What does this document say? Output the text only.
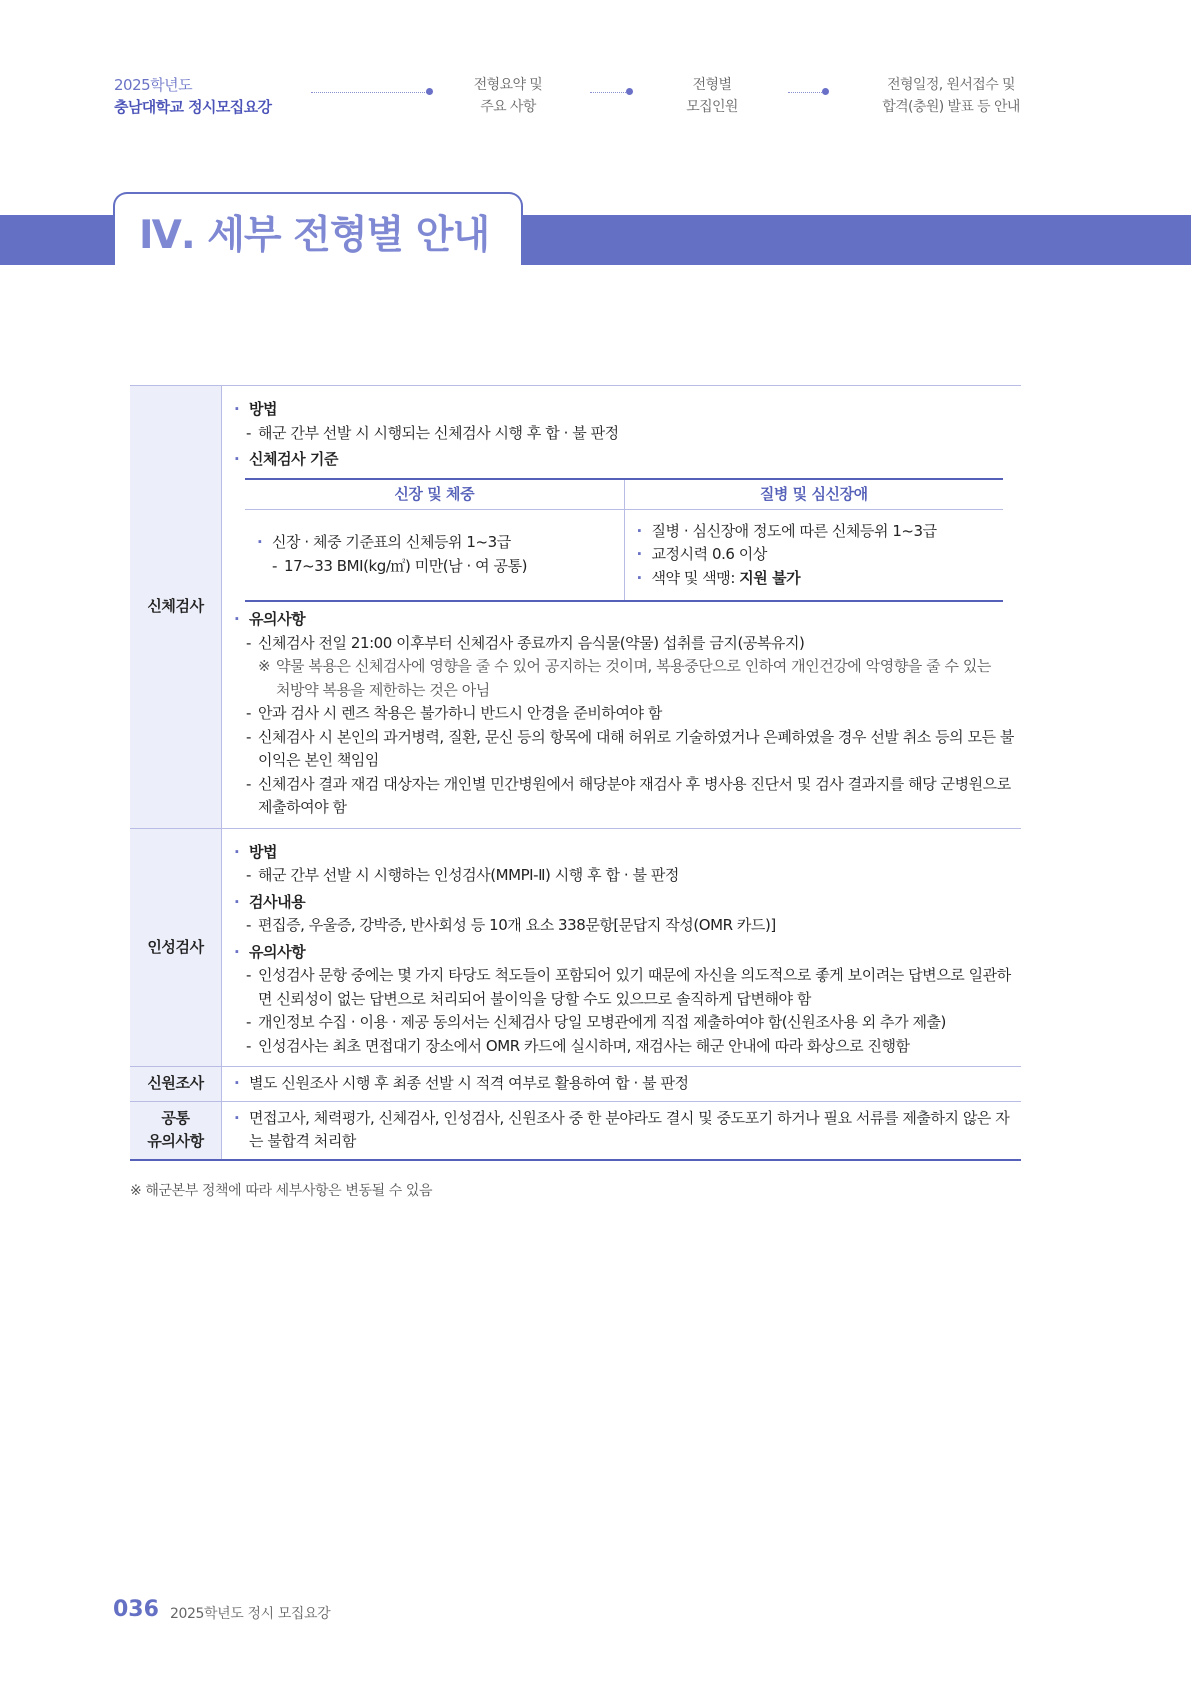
2025학년도
충남대학교 정시모집요강
전형요약 및
주요 사항
전형별
모집인원
전형일정, 원서접수 및
합격(충원) 발표 등 안내
Ⅳ. 세부 전형별 안내
신체검사
· 방법
- 해군 간부 선발 시 시행되는 신체검사 시행 후 합 · 불 판정
· 신체검사 기준
신장 및 체중	질병 및 심신장애
· 신장 · 체중 기준표의 신체등위 1~3급
- 17~33 BMI(kg/㎡) 미만(남 · 여 공통)
· 질병 · 심신장애 정도에 따른 신체등위 1~3급
· 교정시력 0.6 이상
· 색약 및 색맹: 지원 불가
· 유의사항
- 신체검사 전일 21:00 이후부터 신체검사 종료까지 음식물(약물) 섭취를 금지(공복유지)
※ 약물 복용은 신체검사에 영향을 줄 수 있어 공지하는 것이며, 복용중단으로 인하여 개인건강에 악영향을 줄 수 있는
처방약 복용을 제한하는 것은 아님
- 안과 검사 시 렌즈 착용은 불가하니 반드시 안경을 준비하여야 함
- 신체검사 시 본인의 과거병력, 질환, 문신 등의 항목에 대해 허위로 기술하였거나 은폐하였을 경우 선발 취소 등의 모든 불이익은 본인 책임임
- 신체검사 결과 재검 대상자는 개인별 민간병원에서 해당분야 재검사 후 병사용 진단서 및 검사 결과지를 해당 군병원으로 제출하여야 함
인성검사
· 방법
- 해군 간부 선발 시 시행하는 인성검사(MMPI-Ⅱ) 시행 후 합 · 불 판정
· 검사내용
- 편집증, 우울증, 강박증, 반사회성 등 10개 요소 338문항[문답지 작성(OMR 카드)]
· 유의사항
- 인성검사 문항 중에는 몇 가지 타당도 척도들이 포함되어 있기 때문에 자신을 의도적으로 좋게 보이려는 답변으로 일관하면 신뢰성이 없는 답변으로 처리되어 불이익을 당할 수도 있으므로 솔직하게 답변해야 함
- 개인정보 수집 · 이용 · 제공 동의서는 신체검사 당일 모병관에게 직접 제출하여야 함(신원조사용 외 추가 제출)
- 인성검사는 최초 면접대기 장소에서 OMR 카드에 실시하며, 재검사는 해군 안내에 따라 화상으로 진행함
신원조사	· 별도 신원조사 시행 후 최종 선발 시 적격 여부로 활용하여 합 · 불 판정
공통
유의사항
· 면접고사, 체력평가, 신체검사, 인성검사, 신원조사 중 한 분야라도 결시 및 중도포기 하거나 필요 서류를 제출하지 않은 자는 불합격 처리함
※ 해군본부 정책에 따라 세부사항은 변동될 수 있음
036 2025학년도 정시 모집요강
